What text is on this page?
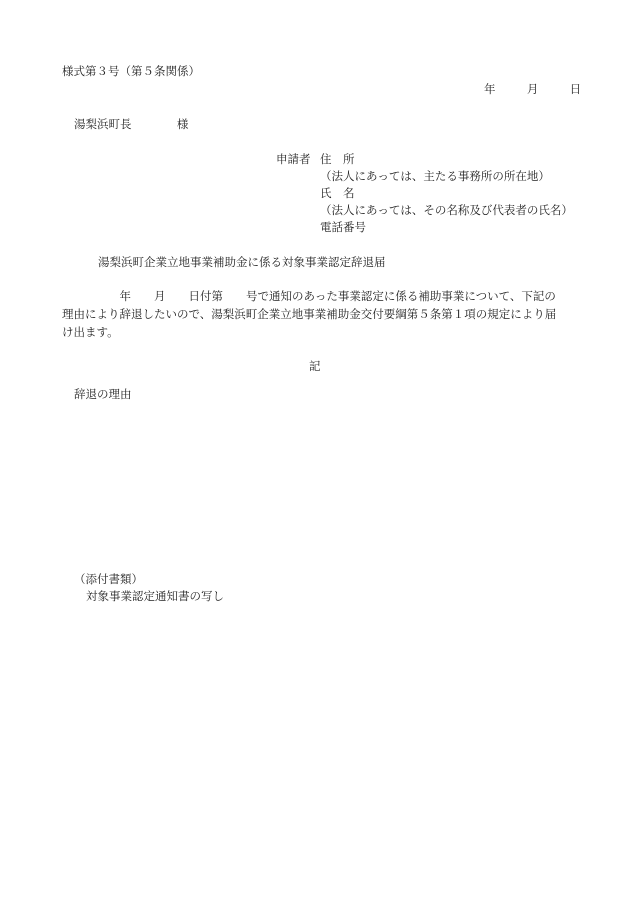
様式第３号（第５条関係）
年	月	日
湯梨浜町長	様
申請者 住　所
（法人にあっては、主たる事務所の所在地）
氏　名
（法人にあっては、その名称及び代表者の氏名）
電話番号
湯梨浜町企業立地事業補助金に係る対象事業認定辞退届
　　　　　年　　月　　日付第　　号で通知のあった事業認定に係る補助事業について、下記の
理由により辞退したいので、湯梨浜町企業立地事業補助金交付要綱第５条第１項の規定により届
け出ます。
記
辞退の理由
（添付書類）
対象事業認定通知書の写し
